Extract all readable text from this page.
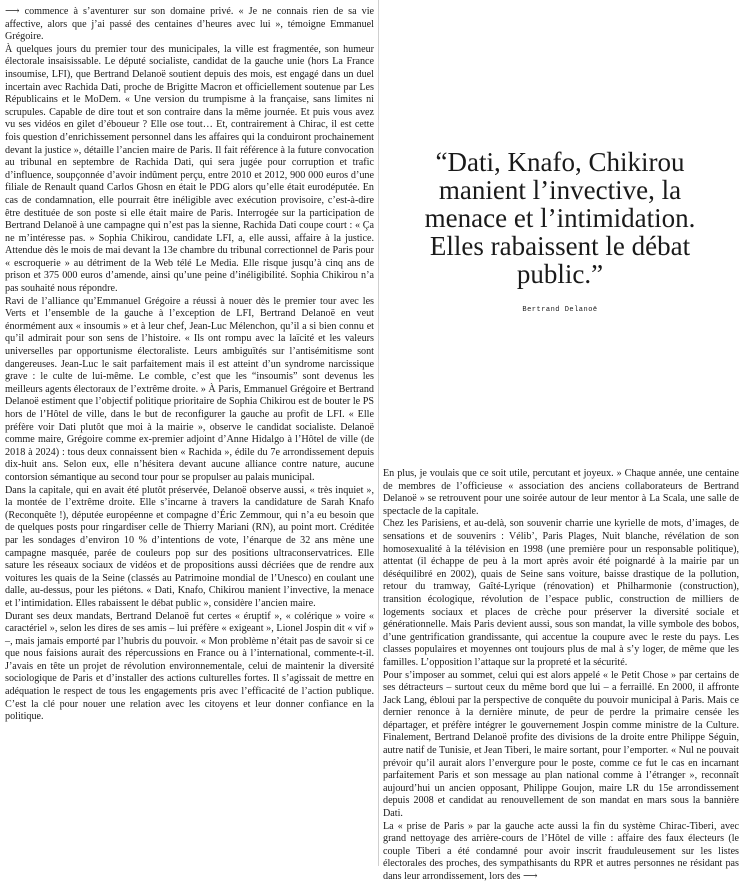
⟶ commence à s’aventurer sur son domaine privé. « Je ne connais rien de sa vie affective, alors que j’ai passé des centaines d’heures avec lui », témoigne Emmanuel Grégoire.

À quelques jours du premier tour des municipales, la ville est fragmentée, son humeur électorale insaisissable. Le député socialiste, candidat de la gauche unie (hors La France insoumise, LFI), que Bertrand Delanoë soutient depuis des mois, est engagé dans un duel incertain avec Rachida Dati, proche de Brigitte Macron et officiellement soutenue par Les Républicains et le MoDem. « Une version du trumpisme à la française, sans limites ni scrupules. Capable de dire tout et son contraire dans la même journée. Et puis vous avez vu ses vidéos en gilet d’éboueur ? Elle ose tout… Et, contrairement à Chirac, il est cette fois question d’enrichissement personnel dans les affaires qui la conduiront prochainement devant la justice », détaille l’ancien maire de Paris. Il fait référence à la future convocation au tribunal en septembre de Rachida Dati, qui sera jugée pour corruption et trafic d’influence, soupçonnée d’avoir indûment perçu, entre 2010 et 2012, 900 000 euros d’une filiale de Renault quand Carlos Ghosn en était le PDG alors qu’elle était eurodéputée. En cas de condamnation, elle pourrait être inéligible avec exécution provisoire, c’est-à-dire être destituée de son poste si elle était maire de Paris. Interrogée sur la participation de Bertrand Delanoë à une campagne qui n’est pas la sienne, Rachida Dati coupe court : « Ça ne m’intéresse pas. » Sophia Chikirou, candidate LFI, a, elle aussi, affaire à la justice. Attendue dès le mois de mai devant la 13e chambre du tribunal correctionnel de Paris pour « escroquerie » au détriment de la Web télé Le Media. Elle risque jusqu’à cinq ans de prison et 375 000 euros d’amende, ainsi qu’une peine d’inéligibilité. Sophia Chikirou n’a pas souhaité nous répondre.

Ravi de l’alliance qu’Emmanuel Grégoire a réussi à nouer dès le premier tour avec les Verts et l’ensemble de la gauche à l’exception de LFI, Bertrand Delanoë en veut énormément aux « insoumis » et à leur chef, Jean-Luc Mélenchon, qu’il a si bien connu et qu’il admirait pour son sens de l’histoire. « Ils ont rompu avec la laïcité et les valeurs universelles par opportunisme électoraliste. Leurs ambiguïtés sur l’antisémitisme sont dangereuses. Jean-Luc le sait parfaitement mais il est atteint d’un syndrome narcissique grave : le culte de lui-même. Le comble, c’est que les “insoumis” sont devenus les meilleurs agents électoraux de l’extrême droite. » À Paris, Emmanuel Grégoire et Bertrand Delanoë estiment que l’objectif politique prioritaire de Sophia Chikirou est de bouter le PS hors de l’Hôtel de ville, dans le but de reconfigurer la gauche au profit de LFI. « Elle préfère voir Dati plutôt que moi à la mairie », observe le candidat socialiste. Delanoë comme maire, Grégoire comme ex-premier adjoint d’Anne Hidalgo à l’Hôtel de ville (de 2018 à 2024) : tous deux connaissent bien « Rachida », édile du 7e arrondissement depuis dix-huit ans. Selon eux, elle n’hésitera devant aucune alliance contre nature, aucune contorsion sémantique au second tour pour se propulser au palais municipal.

Dans la capitale, qui en avait été plutôt préservée, Delanoë observe aussi, « très inquiet », la montée de l’extrême droite. Elle s’incarne à travers la candidature de Sarah Knafo (Reconquête !), députée européenne et compagne d’Éric Zemmour, qui n’a eu besoin que de quelques posts pour ringardiser celle de Thierry Mariani (RN), au point mort. Créditée par les sondages d’environ 10 % d’intentions de vote, l’énarque de 32 ans mène une campagne masquée, parée de couleurs pop sur des positions ultraconservatrices. Elle sature les réseaux sociaux de vidéos et de propositions aussi décriées que de rendre aux voitures les quais de la Seine (classés au Patrimoine mondial de l’Unesco) en coulant une dalle, au-dessus, pour les piétons. « Dati, Knafo, Chikirou manient l’invective, la menace et l’intimidation. Elles rabaissent le débat public », considère l’ancien maire.

Durant ses deux mandats, Bertrand Delanoë fut certes « éruptif », « colérique » voire « caractériel », selon les dires de ses amis – lui préfère « exigeant », Lionel Jospin dit « vif » –, mais jamais emporté par l’hubris du pouvoir. « Mon problème n’était pas de savoir si ce que nous faisions aurait des répercussions en France ou à l’international, commente-t-il. J’avais en tête un projet de révolution environnementale, celui de maintenir la diversité sociologique de Paris et d’installer des actions culturelles fortes. Il s’agissait de mettre en adéquation le respect de tous les engagements pris avec l’efficacité de l’action publique. C’est la clé pour nouer une relation avec les citoyens et leur donner confiance en la politique.

“Dati, Knafo, Chikirou manient l’invective, la menace et l’intimidation. Elles rabaissent le débat public.”

Bertrand Delanoë

En plus, je voulais que ce soit utile, percutant et joyeux. » Chaque année, une centaine de membres de l’officieuse « association des anciens collaborateurs de Bertrand Delanoë » se retrouvent pour une soirée autour de leur mentor à La Scala, une salle de spectacle de la capitale.

Chez les Parisiens, et au-delà, son souvenir charrie une kyrielle de mots, d’images, de sensations et de souvenirs : Vélib’, Paris Plages, Nuit blanche, révélation de son homosexualité à la télévision en 1998 (une première pour un responsable politique), attentat (il échappe de peu à la mort après avoir été poignardé à la mairie par un déséquilibré en 2002), quais de Seine sans voiture, baisse drastique de la pollution, retour du tramway, Gaîté-Lyrique (rénovation) et Philharmonie (construction), transition écologique, révolution de l’espace public, construction de milliers de logements sociaux et places de crèche pour préserver la diversité sociale et générationnelle. Mais Paris devient aussi, sous son mandat, la ville symbole des bobos, d’une gentrification grandissante, qui accentue la coupure avec le reste du pays. Les classes populaires et moyennes ont toujours plus de mal à s’y loger, de même que les familles. L’opposition l’attaque sur la propreté et la sécurité.

Pour s’imposer au sommet, celui qui est alors appelé « le Petit Chose » par certains de ses détracteurs – surtout ceux du même bord que lui – a ferraillé. En 2000, il affronte Jack Lang, ébloui par la perspective de conquête du pouvoir municipal à Paris. Mais ce dernier renonce à la dernière minute, de peur de perdre la primaire censée les départager, et préfère intégrer le gouvernement Jospin comme ministre de la Culture. Finalement, Bertrand Delanoë profite des divisions de la droite entre Philippe Séguin, autre natif de Tunisie, et Jean Tiberi, le maire sortant, pour l’emporter. « Nul ne pouvait prévoir qu’il aurait alors l’envergure pour le poste, comme ce fut le cas en incarnant parfaitement Paris et son message au plan national comme à l’étranger », reconnaît aujourd’hui un ancien opposant, Philippe Goujon, maire LR du 15e arrondissement depuis 2008 et candidat au renouvellement de son mandat en mars sous la bannière Dati.

La « prise de Paris » par la gauche acte aussi la fin du système Chirac-Tiberi, avec grand nettoyage des arrière-cours de l’Hôtel de ville : affaire des faux électeurs (le couple Tiberi a été condamné pour avoir inscrit frauduleusement sur les listes électorales des proches, des sympathisants du RPR et autres personnes ne résidant pas dans leur arrondissement, lors des ⟶
